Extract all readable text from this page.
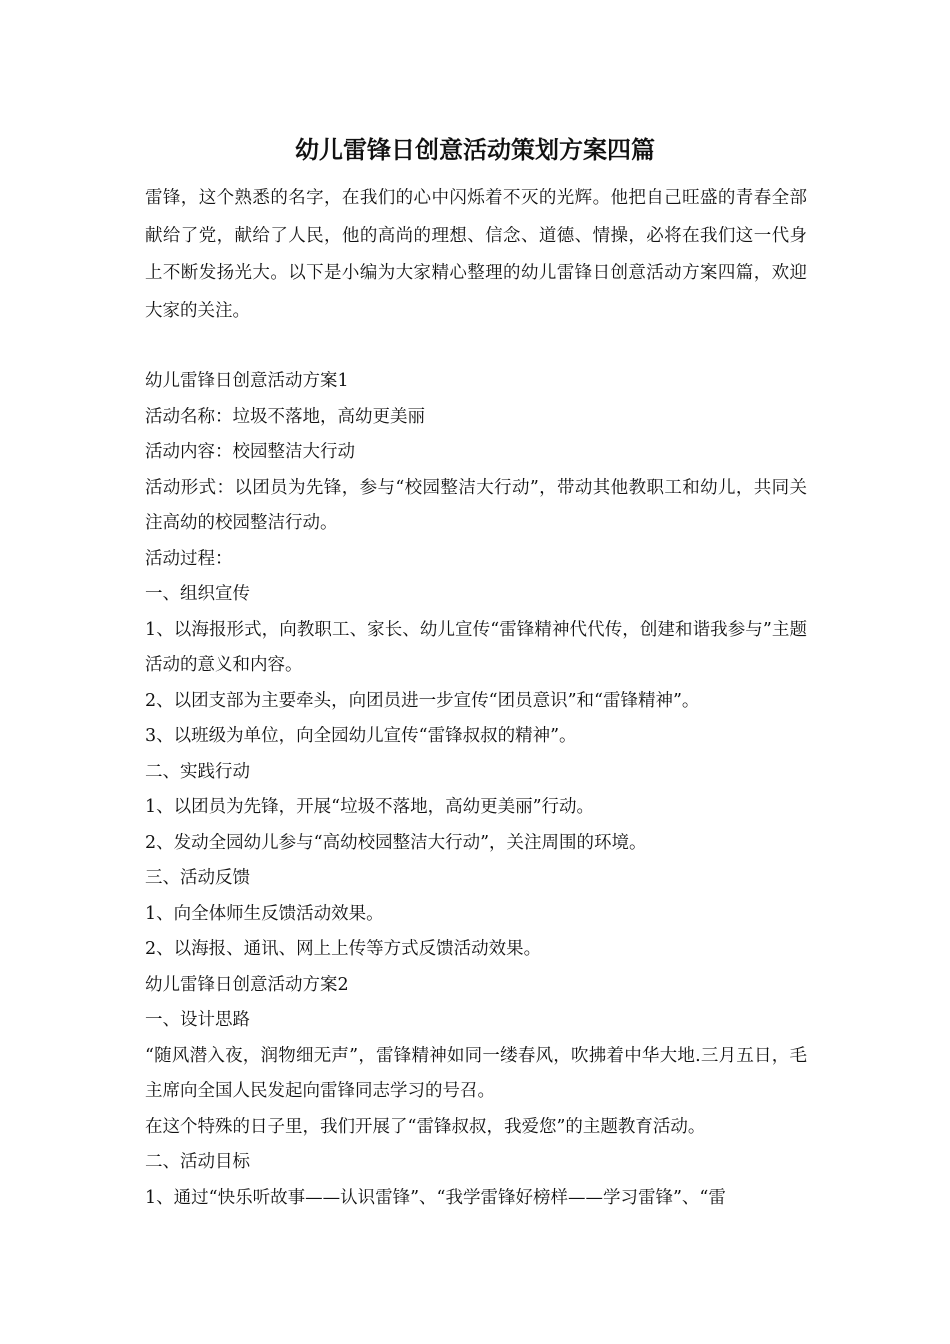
幼儿雷锋日创意活动策划方案四篇

雷锋，这个熟悉的名字，在我们的心中闪烁着不灭的光辉。他把自己旺盛的青春全部献给了党，献给了人民，他的高尚的理想、信念、道德、情操，必将在我们这一代身上不断发扬光大。以下是小编为大家精心整理的幼儿雷锋日创意活动方案四篇，欢迎大家的关注。

幼儿雷锋日创意活动方案1

活动名称：垃圾不落地，高幼更美丽

活动内容：校园整洁大行动

活动形式：以团员为先锋，参与“校园整洁大行动”，带动其他教职工和幼儿，共同关注高幼的校园整洁行动。

活动过程：

一、组织宣传

1、以海报形式，向教职工、家长、幼儿宣传“雷锋精神代代传，创建和谐我参与”主题活动的意义和内容。

2、以团支部为主要牵头，向团员进一步宣传“团员意识”和“雷锋精神”。

3、以班级为单位，向全园幼儿宣传“雷锋叔叔的精神”。

二、实践行动

1、以团员为先锋，开展“垃圾不落地，高幼更美丽”行动。

2、发动全园幼儿参与“高幼校园整洁大行动”，关注周围的环境。

三、活动反馈

1、向全体师生反馈活动效果。

2、以海报、通讯、网上上传等方式反馈活动效果。

幼儿雷锋日创意活动方案2

一、设计思路

“随风潜入夜，润物细无声”，雷锋精神如同一缕春风，吹拂着中华大地.三月五日，毛主席向全国人民发起向雷锋同志学习的号召。

在这个特殊的日子里，我们开展了“雷锋叔叔，我爱您”的主题教育活动。

二、活动目标

1、通过“快乐听故事——认识雷锋”、“我学雷锋好榜样——学习雷锋”、“雷
